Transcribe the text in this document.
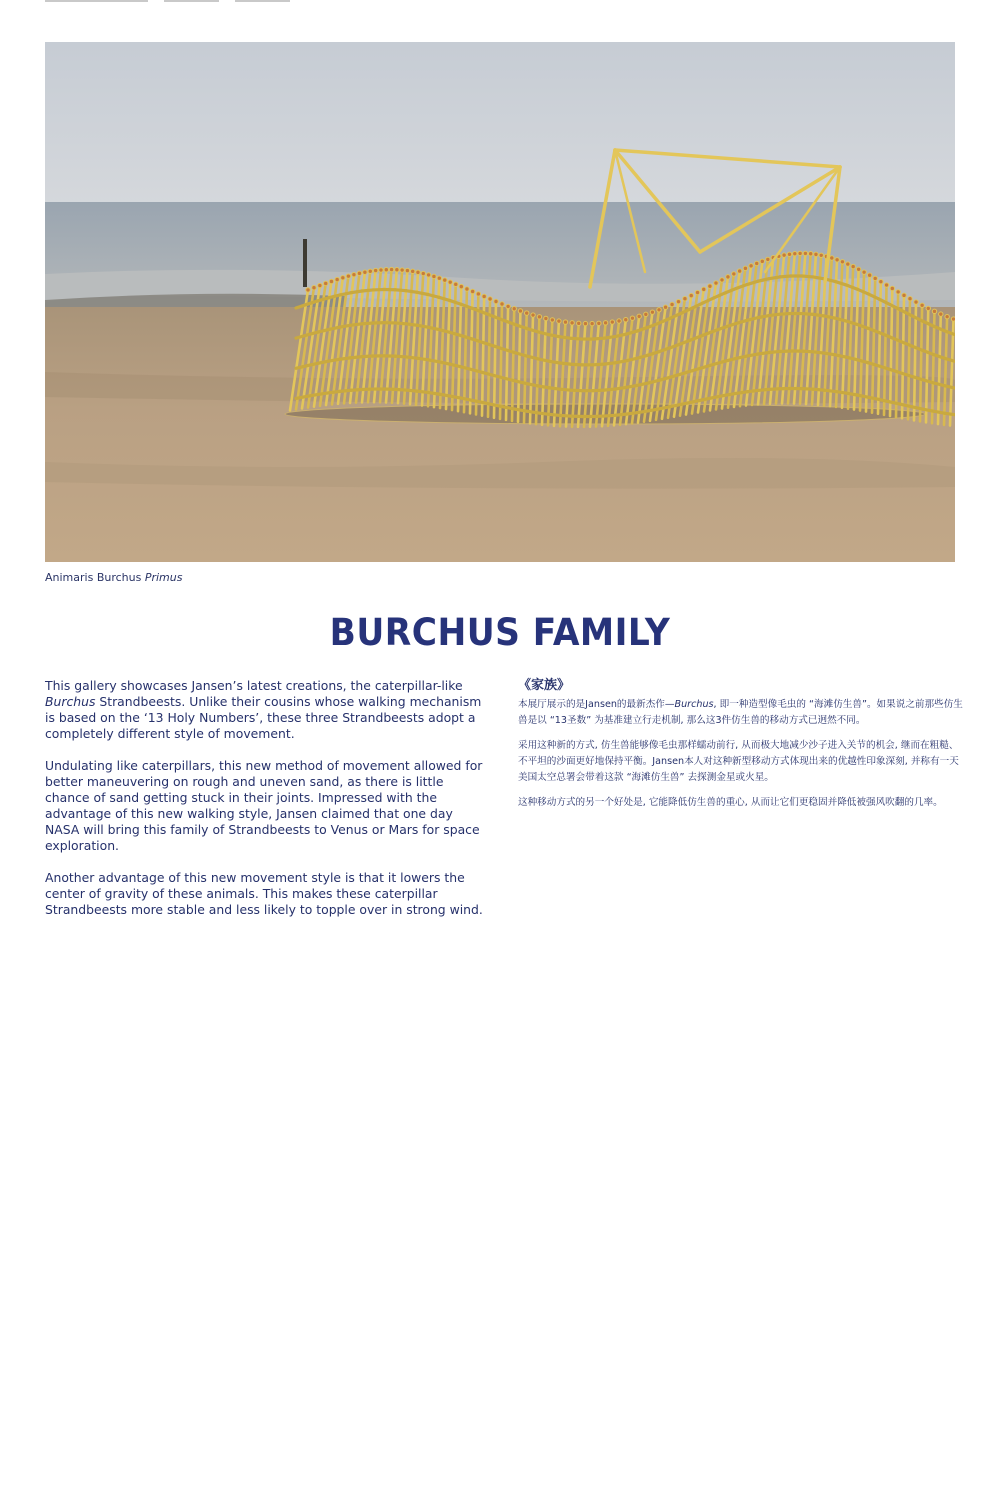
Animaris Burchus Primus
BURCHUS FAMILY

This gallery showcases Jansen’s latest creations, the caterpillar-like Burchus Strandbeests. Unlike their cousins whose walking mechanism is based on the ‘13 Holy Numbers’, these three Strandbeests adopt a completely different style of movement.

Undulating like caterpillars, this new method of movement allowed for better maneuvering on rough and uneven sand, as there is little chance of sand getting stuck in their joints. Impressed with the advantage of this new walking style, Jansen claimed that one day NASA will bring this family of Strandbeests to Venus or Mars for space exploration.

Another advantage of this new movement style is that it lowers the center of gravity of these animals. This makes these caterpillar Strandbeests more stable and less likely to topple over in strong wind.

《家族》

本展厅展示的是Jansen的最新杰作—Burchus, 即一种造型像毛虫的 “海滩仿生兽”。如果说之前那些仿生兽是以 “13圣数” 为基准建立行走机制, 那么这3件仿生兽的移动方式已迥然不同。

采用这种新的方式, 仿生兽能够像毛虫那样蠕动前行, 从而极大地减少沙子进入关节的机会, 继而在粗糙、不平坦的沙面更好地保持平衡。Jansen本人对这种新型移动方式体现出来的优越性印象深刻, 并称有一天美国太空总署会带着这款 “海滩仿生兽” 去探测金星或火星。

这种移动方式的另一个好处是, 它能降低仿生兽的重心, 从而让它们更稳固并降低被强风吹翻的几率。
